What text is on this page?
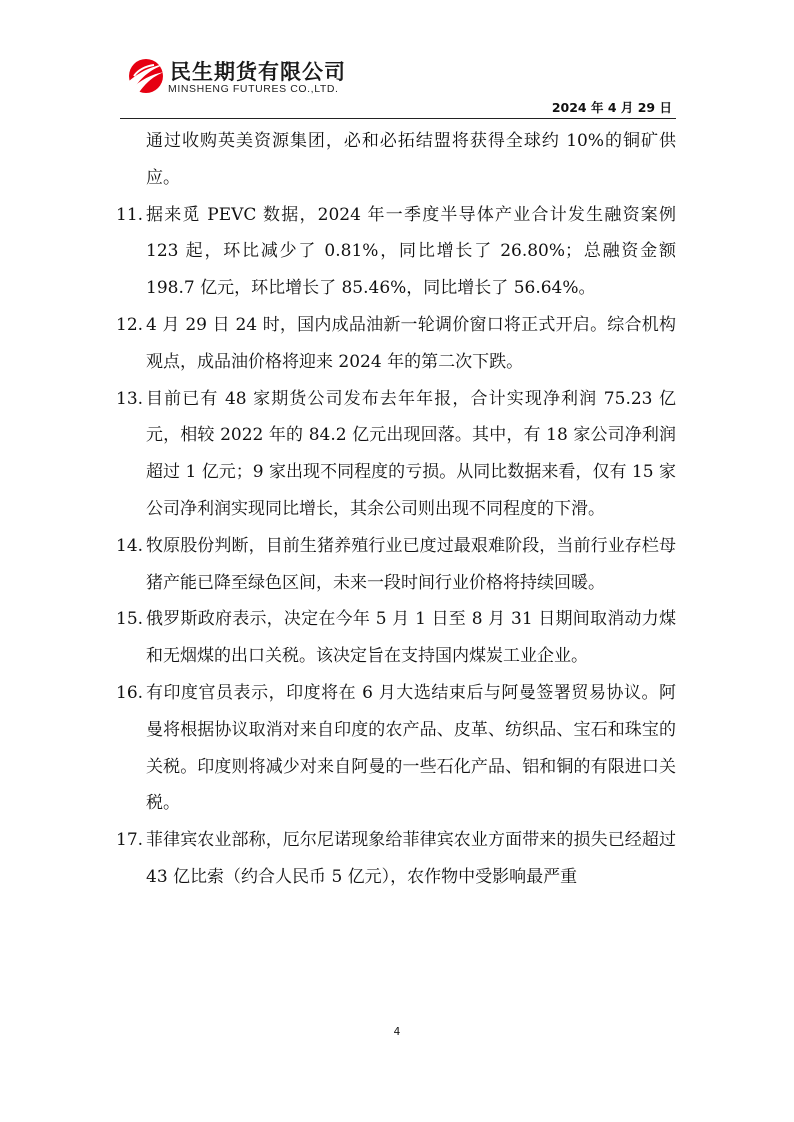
民生期货有限公司
MINSHENG FUTURES CO.,LTD.
2024 年 4 月 29 日

通过收购英美资源集团，必和必拓结盟将获得全球约 10%的铜矿供应。

11. 据来觅 PEVC 数据，2024 年一季度半导体产业合计发生融资案例 123 起，环比减少了 0.81%，同比增长了 26.80%；总融资金额 198.7 亿元，环比增长了 85.46%，同比增长了 56.64%。
12. 4 月 29 日 24 时，国内成品油新一轮调价窗口将正式开启。综合机构观点，成品油价格将迎来 2024 年的第二次下跌。
13. 目前已有 48 家期货公司发布去年年报，合计实现净利润 75.23 亿元，相较 2022 年的 84.2 亿元出现回落。其中，有 18 家公司净利润超过 1 亿元；9 家出现不同程度的亏损。从同比数据来看，仅有 15 家公司净利润实现同比增长，其余公司则出现不同程度的下滑。
14. 牧原股份判断，目前生猪养殖行业已度过最艰难阶段，当前行业存栏母猪产能已降至绿色区间，未来一段时间行业价格将持续回暖。
15. 俄罗斯政府表示，决定在今年 5 月 1 日至 8 月 31 日期间取消动力煤和无烟煤的出口关税。该决定旨在支持国内煤炭工业企业。
16. 有印度官员表示，印度将在 6 月大选结束后与阿曼签署贸易协议。阿曼将根据协议取消对来自印度的农产品、皮革、纺织品、宝石和珠宝的关税。印度则将减少对来自阿曼的一些石化产品、铝和铜的有限进口关税。
17. 菲律宾农业部称，厄尔尼诺现象给菲律宾农业方面带来的损失已经超过 43 亿比索（约合人民币 5 亿元），农作物中受影响最严重
4
